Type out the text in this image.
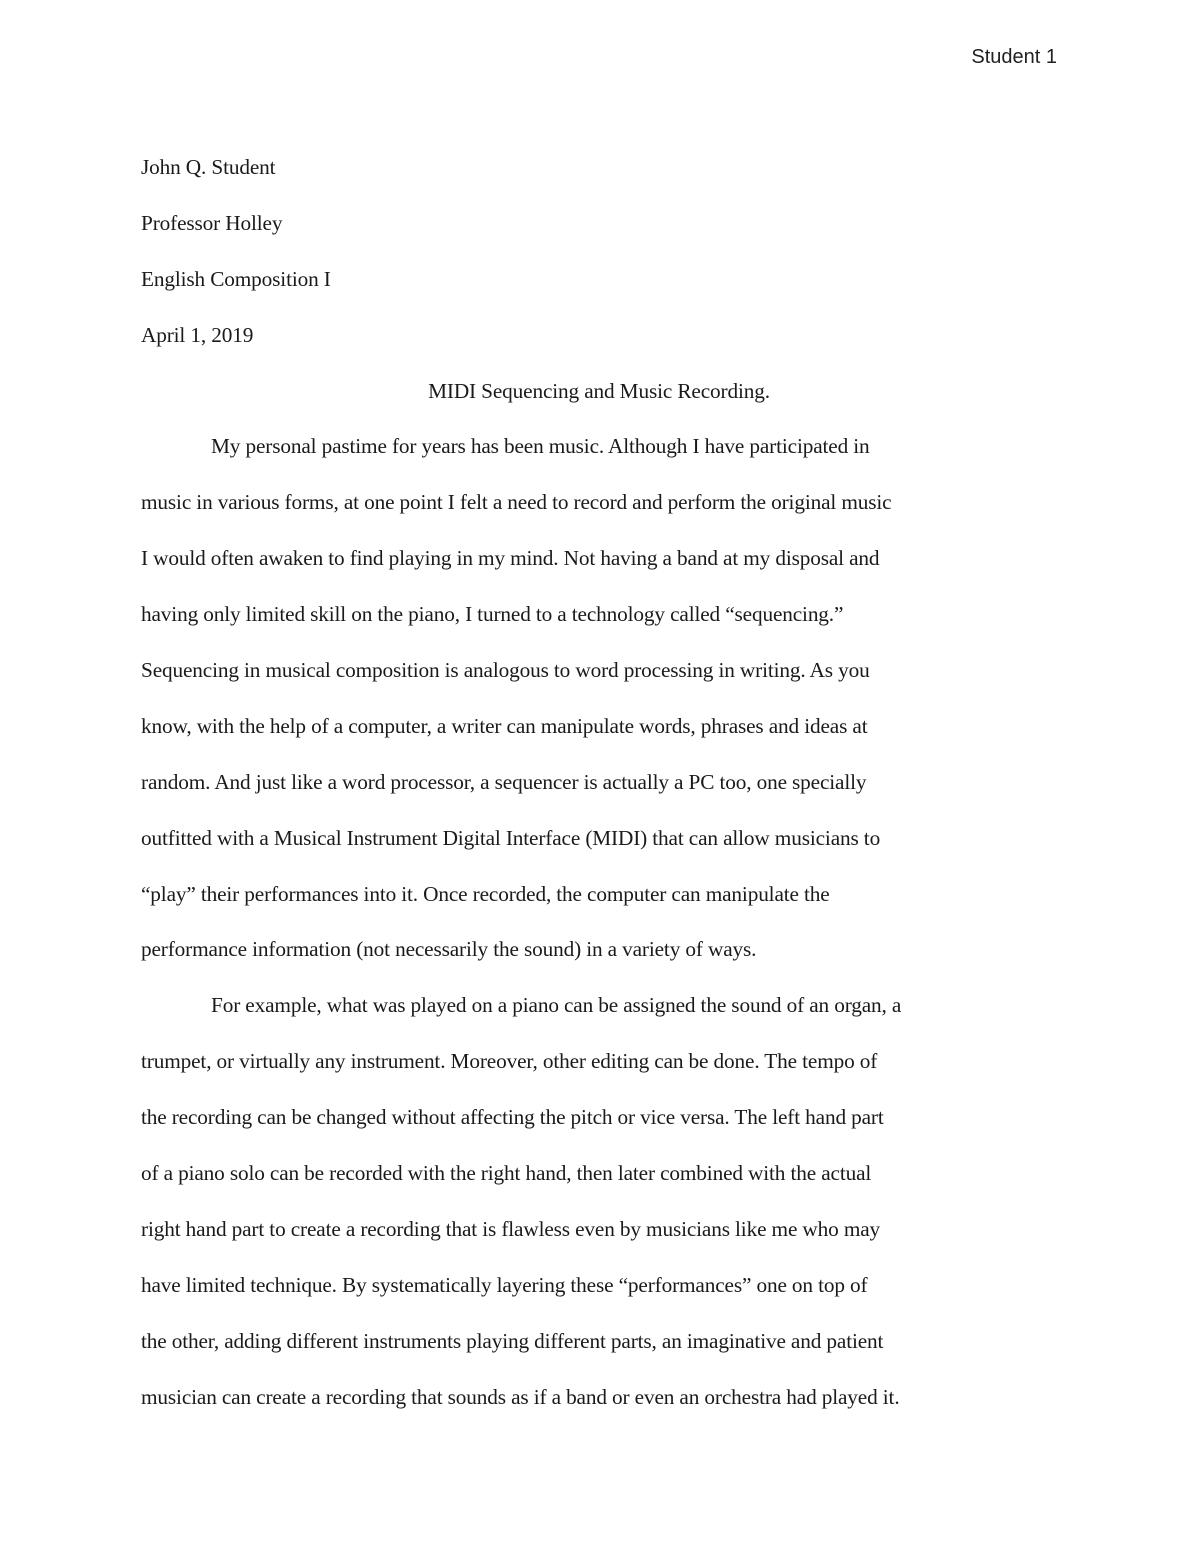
Student 1
John Q. Student
Professor Holley
English Composition I
April 1, 2019
MIDI Sequencing and Music Recording.
My personal pastime for years has been music. Although I have participated in
music in various forms, at one point I felt a need to record and perform the original music
I would often awaken to find playing in my mind. Not having a band at my disposal and
having only limited skill on the piano, I turned to a technology called “sequencing.”
Sequencing in musical composition is analogous to word processing in writing. As you
know, with the help of a computer, a writer can manipulate words, phrases and ideas at
random. And just like a word processor, a sequencer is actually a PC too, one specially
outfitted with a Musical Instrument Digital Interface (MIDI) that can allow musicians to
“play” their performances into it. Once recorded, the computer can manipulate the
performance information (not necessarily the sound) in a variety of ways.
For example, what was played on a piano can be assigned the sound of an organ, a
trumpet, or virtually any instrument. Moreover, other editing can be done. The tempo of
the recording can be changed without affecting the pitch or vice versa. The left hand part
of a piano solo can be recorded with the right hand, then later combined with the actual
right hand part to create a recording that is flawless even by musicians like me who may
have limited technique. By systematically layering these “performances” one on top of
the other, adding different instruments playing different parts, an imaginative and patient
musician can create a recording that sounds as if a band or even an orchestra had played it.
